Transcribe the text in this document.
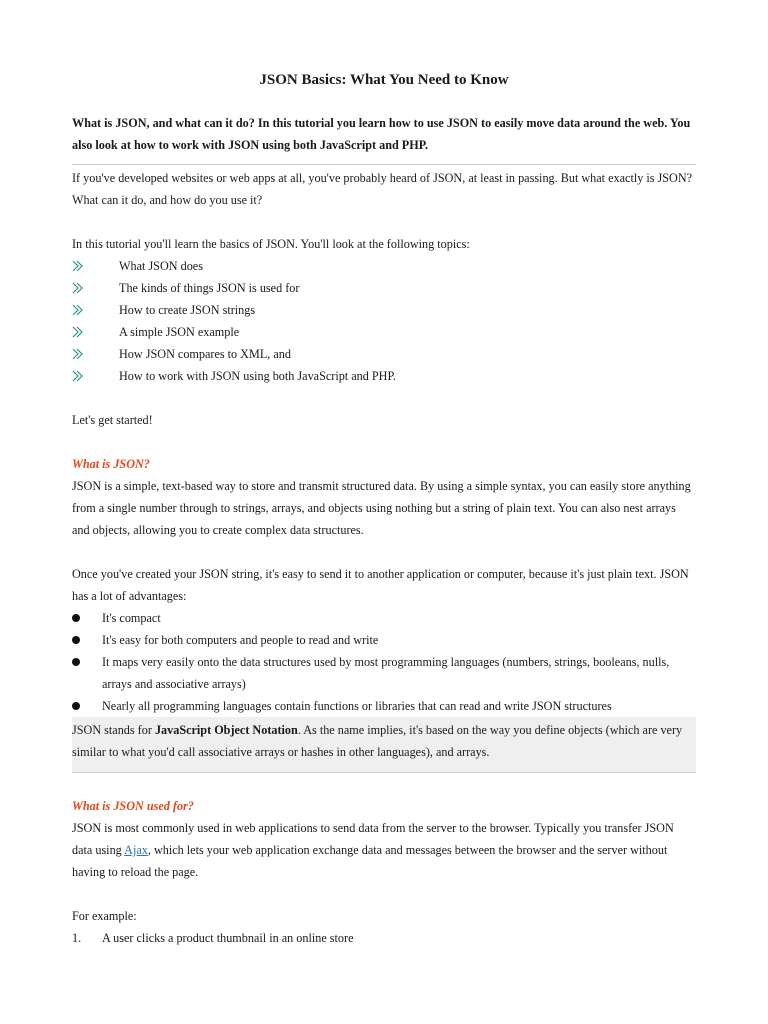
JSON Basics: What You Need to Know

What is JSON, and what can it do? In this tutorial you learn how to use JSON to easily move data around the web. You also look at how to work with JSON using both JavaScript and PHP.

If you've developed websites or web apps at all, you've probably heard of JSON, at least in passing. But what exactly is JSON? What can it do, and how do you use it?

In this tutorial you'll learn the basics of JSON. You'll look at the following topics:

What JSON does
The kinds of things JSON is used for
How to create JSON strings
A simple JSON example
How JSON compares to XML, and
How to work with JSON using both JavaScript and PHP.

Let's get started!

What is JSON?

JSON is a simple, text-based way to store and transmit structured data. By using a simple syntax, you can easily store anything from a single number through to strings, arrays, and objects using nothing but a string of plain text. You can also nest arrays and objects, allowing you to create complex data structures.

Once you've created your JSON string, it's easy to send it to another application or computer, because it's just plain text. JSON has a lot of advantages:

It's compact
It's easy for both computers and people to read and write
It maps very easily onto the data structures used by most programming languages (numbers, strings, booleans, nulls, arrays and associative arrays)
Nearly all programming languages contain functions or libraries that can read and write JSON structures

JSON stands for JavaScript Object Notation. As the name implies, it's based on the way you define objects (which are very similar to what you'd call associative arrays or hashes in other languages), and arrays.

What is JSON used for?

JSON is most commonly used in web applications to send data from the server to the browser. Typically you transfer JSON data using Ajax, which lets your web application exchange data and messages between the browser and the server without having to reload the page.

For example:

1. A user clicks a product thumbnail in an online store
